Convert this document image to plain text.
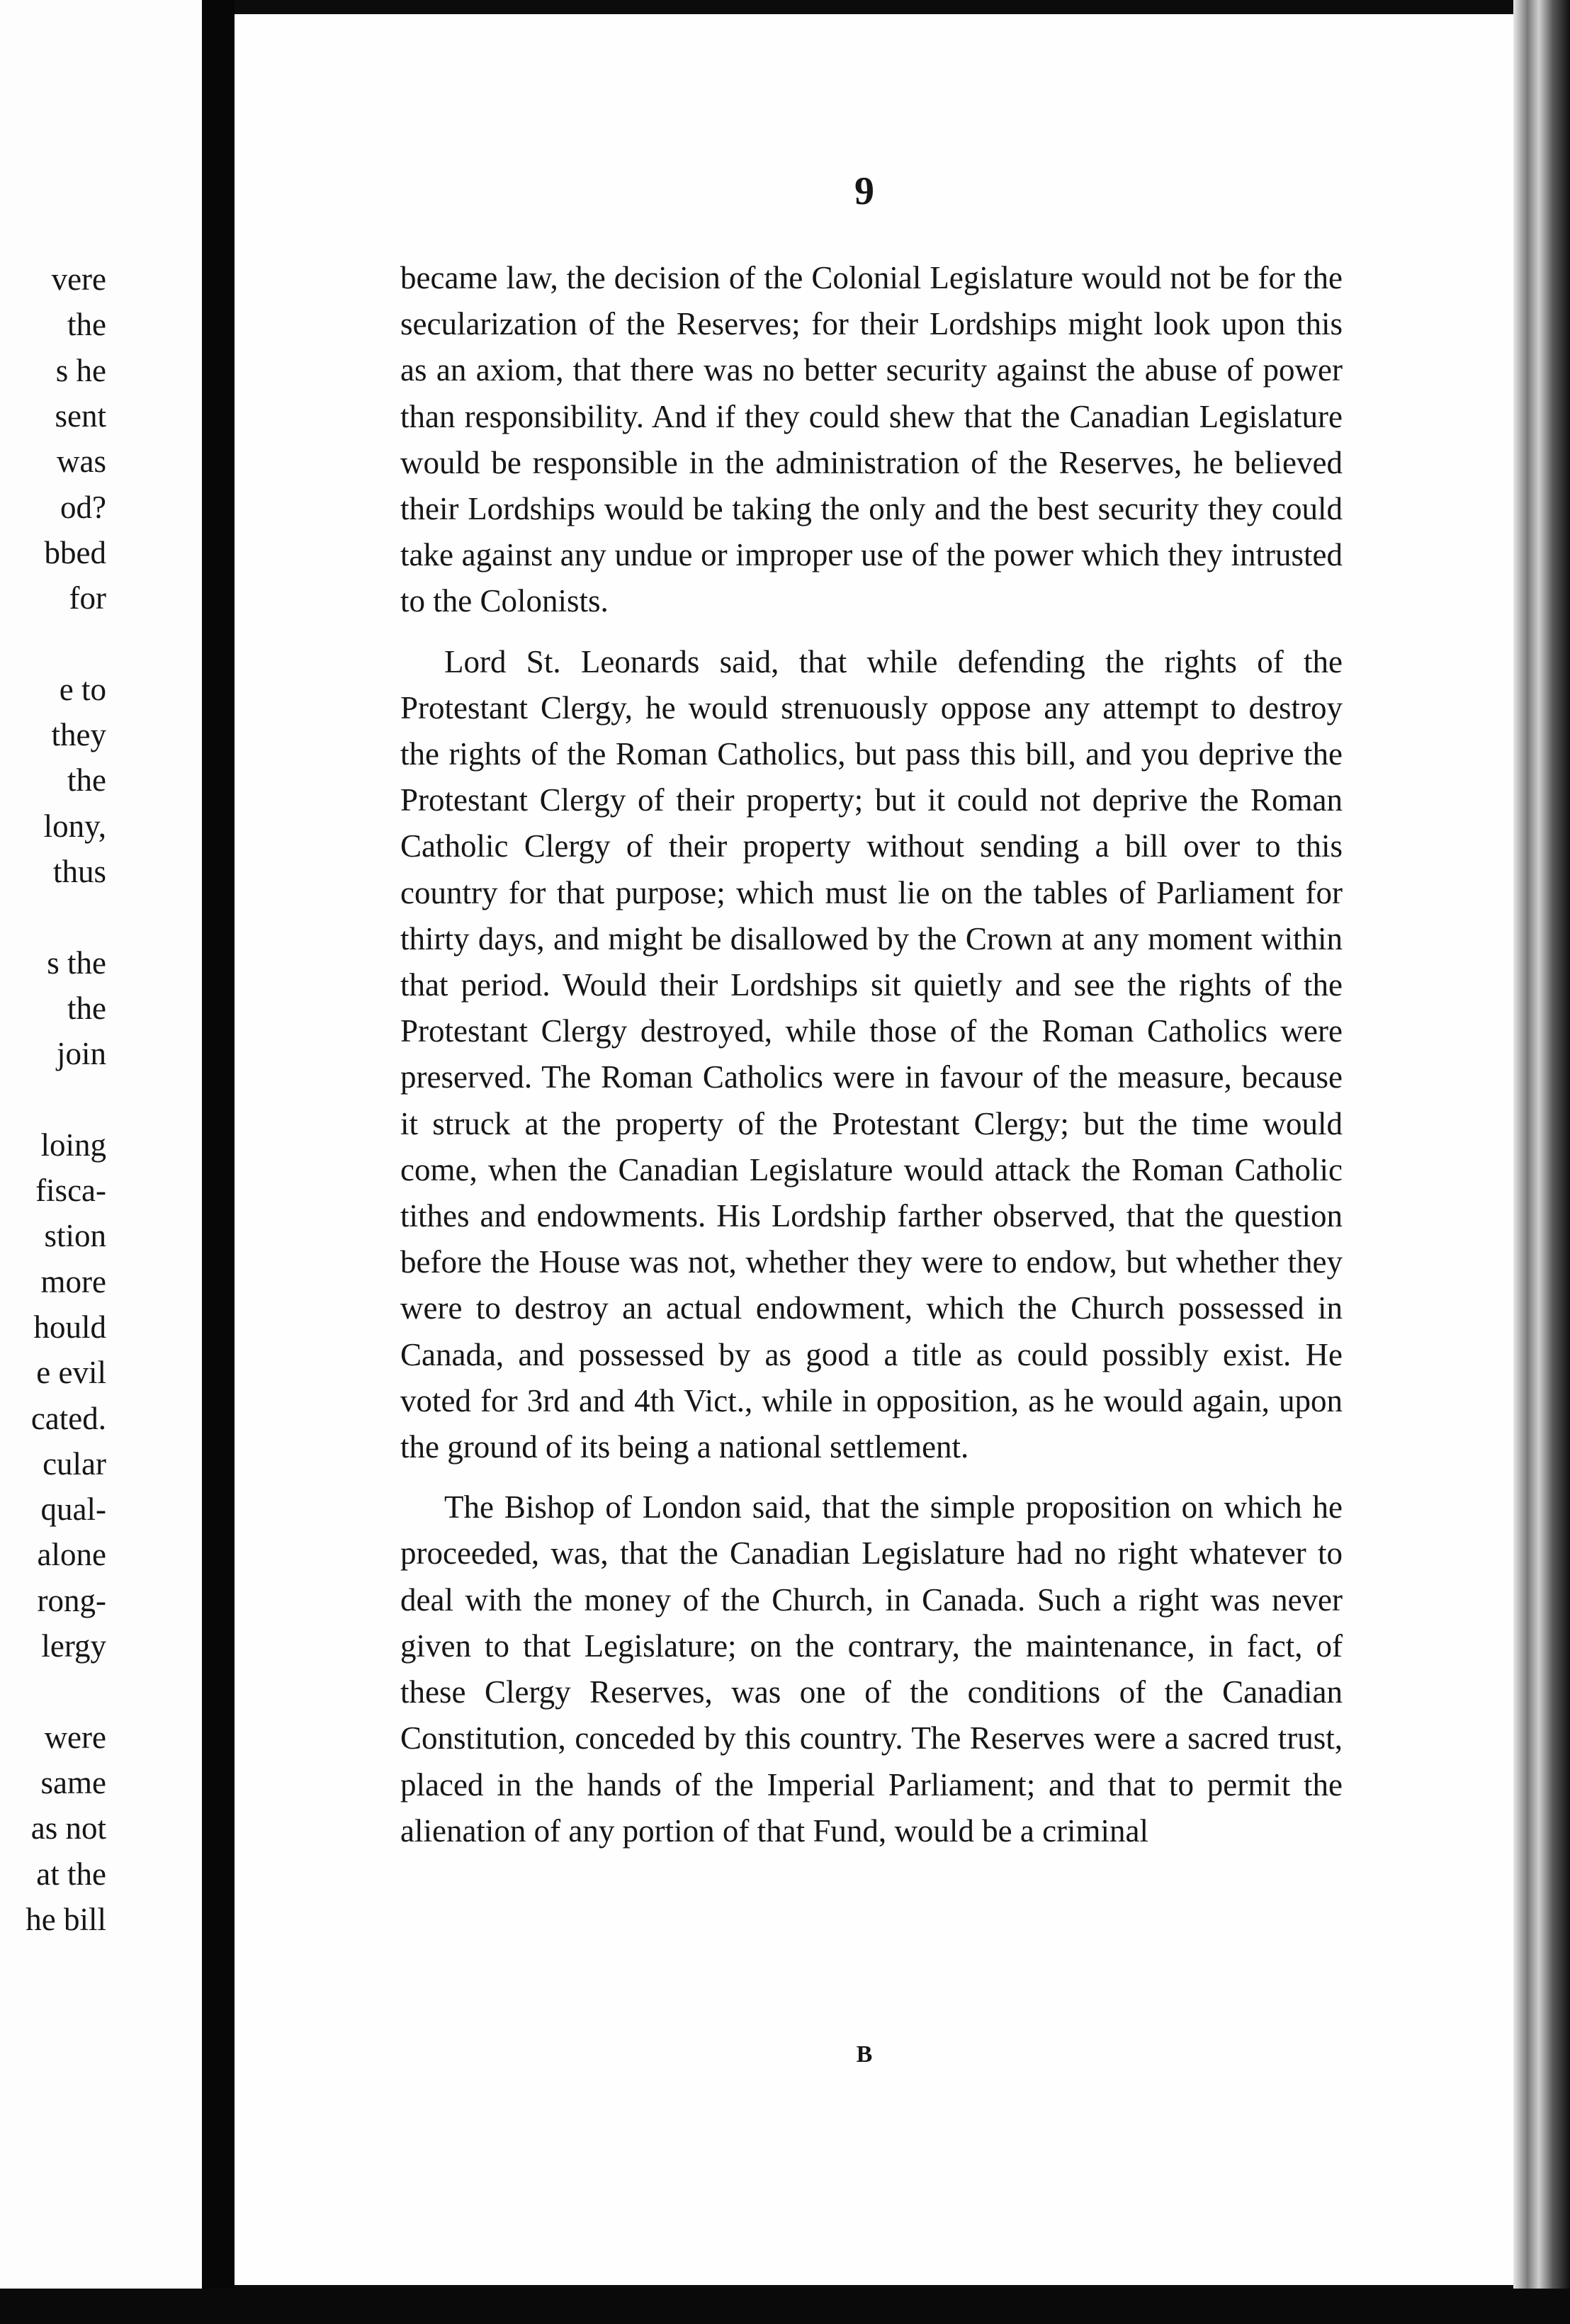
vere
the
s he
sent
was
od?
bbed
for
e to
they
the
lony,
thus
s the
the
join
loing
fisca-
stion
more
hould
e evil
cated.
cular
qual-
alone
rong-
lergy
were
same
as not
at the
he bill
9

became law, the decision of the Colonial Legislature would not be for the secularization of the Reserves; for their Lordships might look upon this as an axiom, that there was no better security against the abuse of power than responsibility. And if they could shew that the Canadian Legislature would be responsible in the administration of the Reserves, he believed their Lordships would be taking the only and the best security they could take against any undue or improper use of the power which they intrusted to the Colonists.

Lord St. Leonards said, that while defending the rights of the Protestant Clergy, he would strenuously oppose any attempt to destroy the rights of the Roman Catholics, but pass this bill, and you deprive the Protestant Clergy of their property; but it could not deprive the Roman Catholic Clergy of their property without sending a bill over to this country for that purpose; which must lie on the tables of Parliament for thirty days, and might be disallowed by the Crown at any moment within that period. Would their Lordships sit quietly and see the rights of the Protestant Clergy destroyed, while those of the Roman Catholics were preserved. The Roman Catholics were in favour of the measure, because it struck at the property of the Protestant Clergy; but the time would come, when the Canadian Legislature would attack the Roman Catholic tithes and endowments. His Lordship farther observed, that the question before the House was not, whether they were to endow, but whether they were to destroy an actual endowment, which the Church possessed in Canada, and possessed by as good a title as could possibly exist. He voted for 3rd and 4th Vict., while in opposition, as he would again, upon the ground of its being a national settlement.

The Bishop of London said, that the simple proposition on which he proceeded, was, that the Canadian Legislature had no right whatever to deal with the money of the Church, in Canada. Such a right was never given to that Legislature; on the contrary, the maintenance, in fact, of these Clergy Reserves, was one of the conditions of the Canadian Constitution, conceded by this country. The Reserves were a sacred trust, placed in the hands of the Imperial Parliament; and that to permit the alienation of any portion of that Fund, would be a criminal

B
